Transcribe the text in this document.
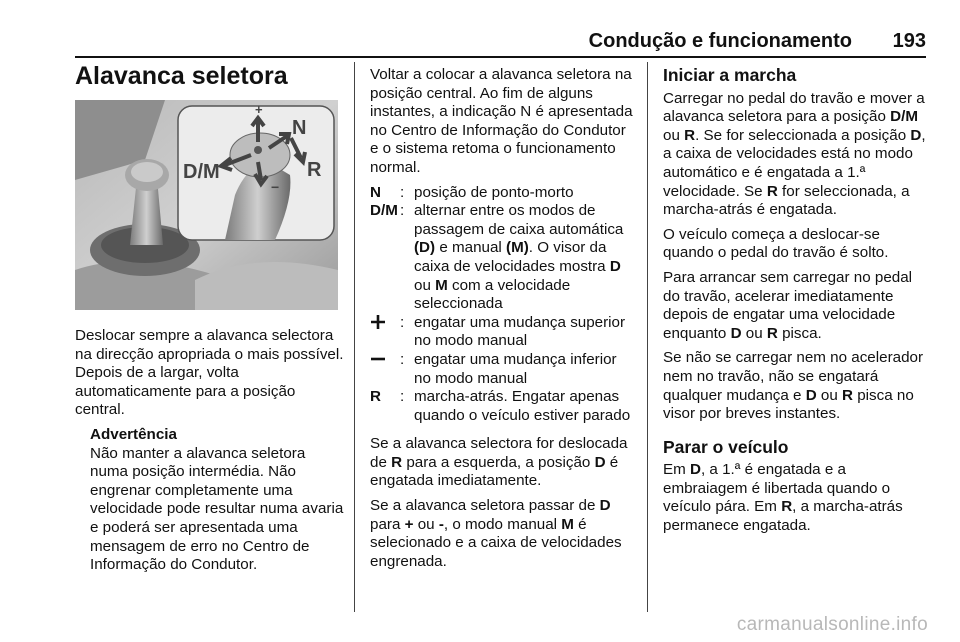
Condução e funcionamento 193
Alavanca seletora
+
−
D/M
N
R

Deslocar sempre a alavanca selectora na direcção apropriada o mais possível. Depois de a largar, volta automaticamente para a posição central.

Advertência
Não manter a alavanca seletora numa posição intermédia. Não engrenar completamente uma velocidade pode resultar numa avaria e poderá ser apresentada uma mensagem de erro no Centro de Informação do Condutor.

Voltar a colocar a alavanca seletora na posição central. Ao fim de alguns instantes, a indicação N é apresentada no Centro de Informação do Condutor e o sistema retoma o funcionamento normal.

N	: posição de ponto-morto
D/M : alternar entre os modos de passagem de caixa automática (D) e manual (M). O visor da caixa de velocidades mostra D ou M com a velocidade seleccionada
: engatar uma mudança superior no modo manual
: engatar uma mudança inferior no modo manual
R	: marcha-atrás. Engatar apenas quando o veículo estiver parado

Se a alavanca selectora for deslocada de R para a esquerda, a posição D é engatada imediatamente.

Se a alavanca seletora passar de D para + ou -, o modo manual M é selecionado e a caixa de velocidades engrenada.

Iniciar a marcha

Carregar no pedal do travão e mover a alavanca seletora para a posição D/M ou R. Se for seleccionada a posição D, a caixa de velocidades está no modo automático e é engatada a 1.ª velocidade. Se R for seleccionada, a marcha-atrás é engatada.

O veículo começa a deslocar-se quando o pedal do travão é solto.

Para arrancar sem carregar no pedal do travão, acelerar imediatamente depois de engatar uma velocidade enquanto D ou R pisca.

Se não se carregar nem no acelerador nem no travão, não se engatará qualquer mudança e D ou R pisca no visor por breves instantes.

Parar o veículo

Em D, a 1.ª é engatada e a embraiagem é libertada quando o veículo pára. Em R, a marcha-atrás permanece engatada.

carmanualsonline.info
